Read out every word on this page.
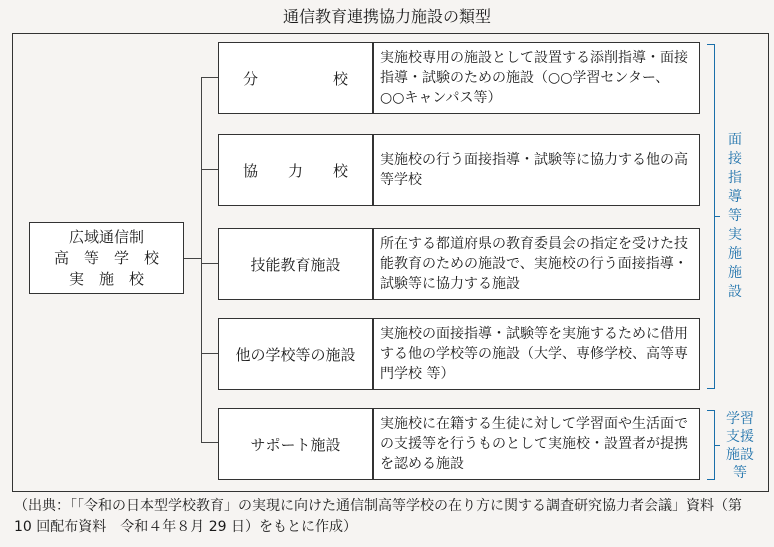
通信教育連携協力施設の類型
広域通信制
高　等　学　校
実　施　校
分　　　　　校
実施校専用の施設として設置する添削指導・面接指導・試験のための施設（○○学習センター、○○キャンパス等）
協　　力　　校
実施校の行う面接指導・試験等に協力する他の高等学校
技能教育施設
所在する都道府県の教育委員会の指定を受けた技能教育のための施設で、実施校の行う面接指導・試験等に協力する施設
他の学校等の施設
実施校の面接指導・試験等を実施するために借用する他の学校等の施設（大学、専修学校、高等専門学校 等）
サポート施設
実施校に在籍する生徒に対して学習面や生活面での支援等を行うものとして実施校・設置者が提携を認める施設
面接指導等実施施設
学習
支援
施設等
（出典：「「令和の日本型学校教育」の実現に向けた通信制高等学校の在り方に関する調査研究協力者会議」資料（第 10 回配布資料　令和４年８月 29 日）をもとに作成）
